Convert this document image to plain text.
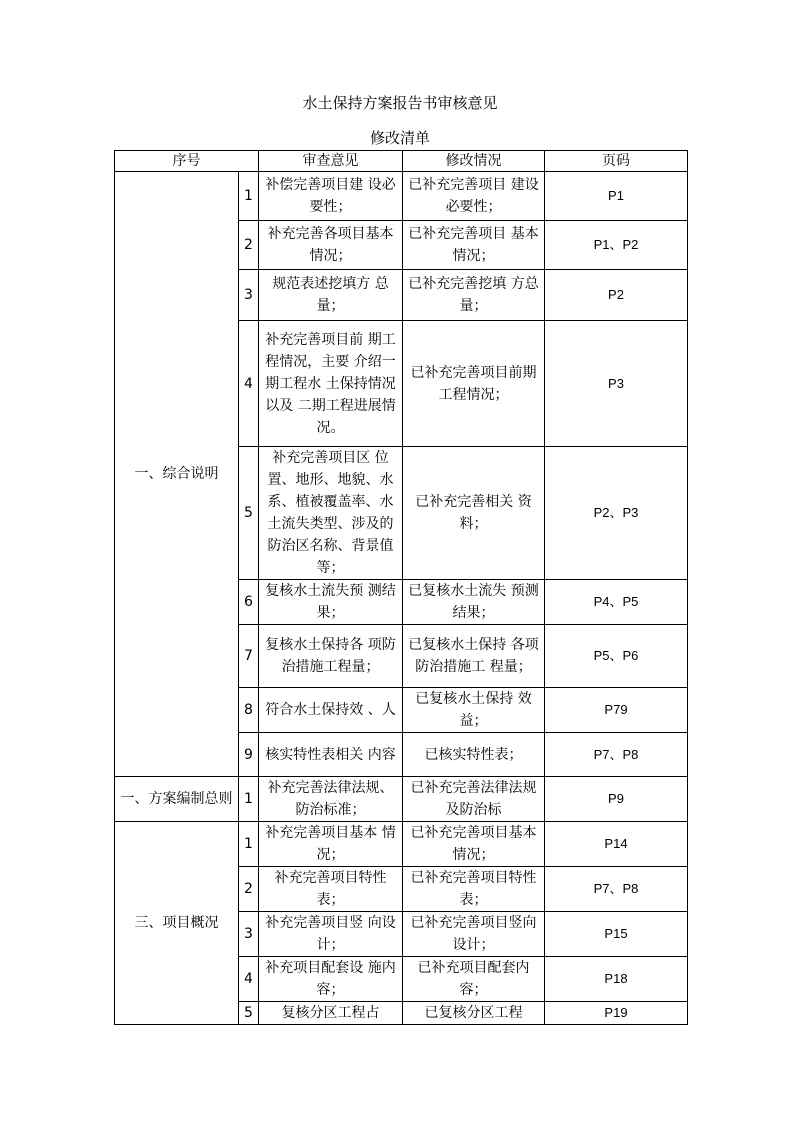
水土保持方案报告书审核意见
修改清单
序号		审查意见	修改情况	页码
一、综合说明	1	补偿完善项目建 设必要性；	已补充完善项目 建设必要性；	P1
	2	补充完善各项目基本情况；	已补充完善项目 基本情况；	P1、P2
	3	规范表述挖填方 总量；	已补充完善挖填 方总量；	P2
	4	补充完善项目前 期工程情况，主要 介绍一期工程水 土保持情况以及 二期工程进展情 况。	已补充完善项目前期工程情况；	P3
	5	补充完善项目区 位置、地形、地貌、水系、植被覆盖率、水土流失类型、涉及的防治区名称、背景值等；	已补充完善相关 资料；	P2、P3
	6	复核水土流失预 测结果；	已复核水土流失 预测结果；	P4、P5
	7	复核水土保持各 项防治措施工程量；	已复核水土保持 各项防治措施工 程量；	P5、P6
	8	符合水土保持效 、人	已复核水土保持 效益；	P79
	9	核实特性表相关 内容	已核实特性表；	P7、P8
一、方案编制总则	1	补充完善法律法规、防治标准；	已补充完善法律法规及防治标	P9
三、项目概况	1	补充完善项目基本 情况；	已补充完善项目基本情况；	P14
	2	补充完善项目特性 表；	已补充完善项目特性表；	P7、P8
	3	补充完善项目竖 向设计；	已补充完善项目竖向设计；	P15
	4	补充项目配套设 施内容；	已补充项目配套内容；	P18
	5	复核分区工程占	已复核分区工程	P19
